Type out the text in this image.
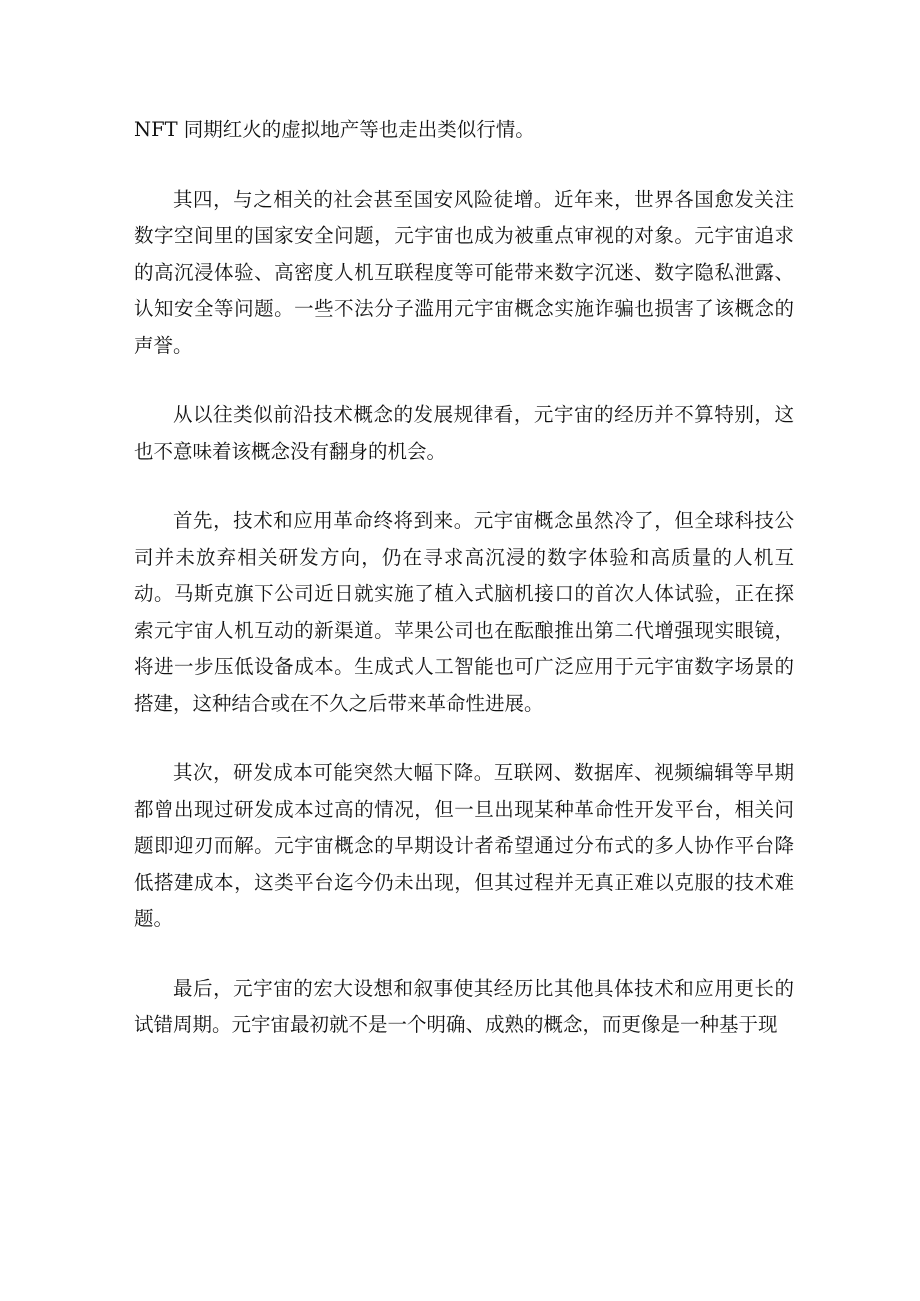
NFT 同期红火的虚拟地产等也走出类似行情。

其四，与之相关的社会甚至国安风险徒增。近年来，世界各国愈发关注数字空间里的国家安全问题，元宇宙也成为被重点审视的对象。元宇宙追求的高沉浸体验、高密度人机互联程度等可能带来数字沉迷、数字隐私泄露、认知安全等问题。一些不法分子滥用元宇宙概念实施诈骗也损害了该概念的声誉。

从以往类似前沿技术概念的发展规律看，元宇宙的经历并不算特别，这也不意味着该概念没有翻身的机会。

首先，技术和应用革命终将到来。元宇宙概念虽然冷了，但全球科技公司并未放弃相关研发方向，仍在寻求高沉浸的数字体验和高质量的人机互动。马斯克旗下公司近日就实施了植入式脑机接口的首次人体试验，正在探索元宇宙人机互动的新渠道。苹果公司也在酝酿推出第二代增强现实眼镜，将进一步压低设备成本。生成式人工智能也可广泛应用于元宇宙数字场景的搭建，这种结合或在不久之后带来革命性进展。

其次，研发成本可能突然大幅下降。互联网、数据库、视频编辑等早期都曾出现过研发成本过高的情况，但一旦出现某种革命性开发平台，相关问题即迎刃而解。元宇宙概念的早期设计者希望通过分布式的多人协作平台降低搭建成本，这类平台迄今仍未出现，但其过程并无真正难以克服的技术难题。

最后，元宇宙的宏大设想和叙事使其经历比其他具体技术和应用更长的试错周期。元宇宙最初就不是一个明确、成熟的概念，而更像是一种基于现
